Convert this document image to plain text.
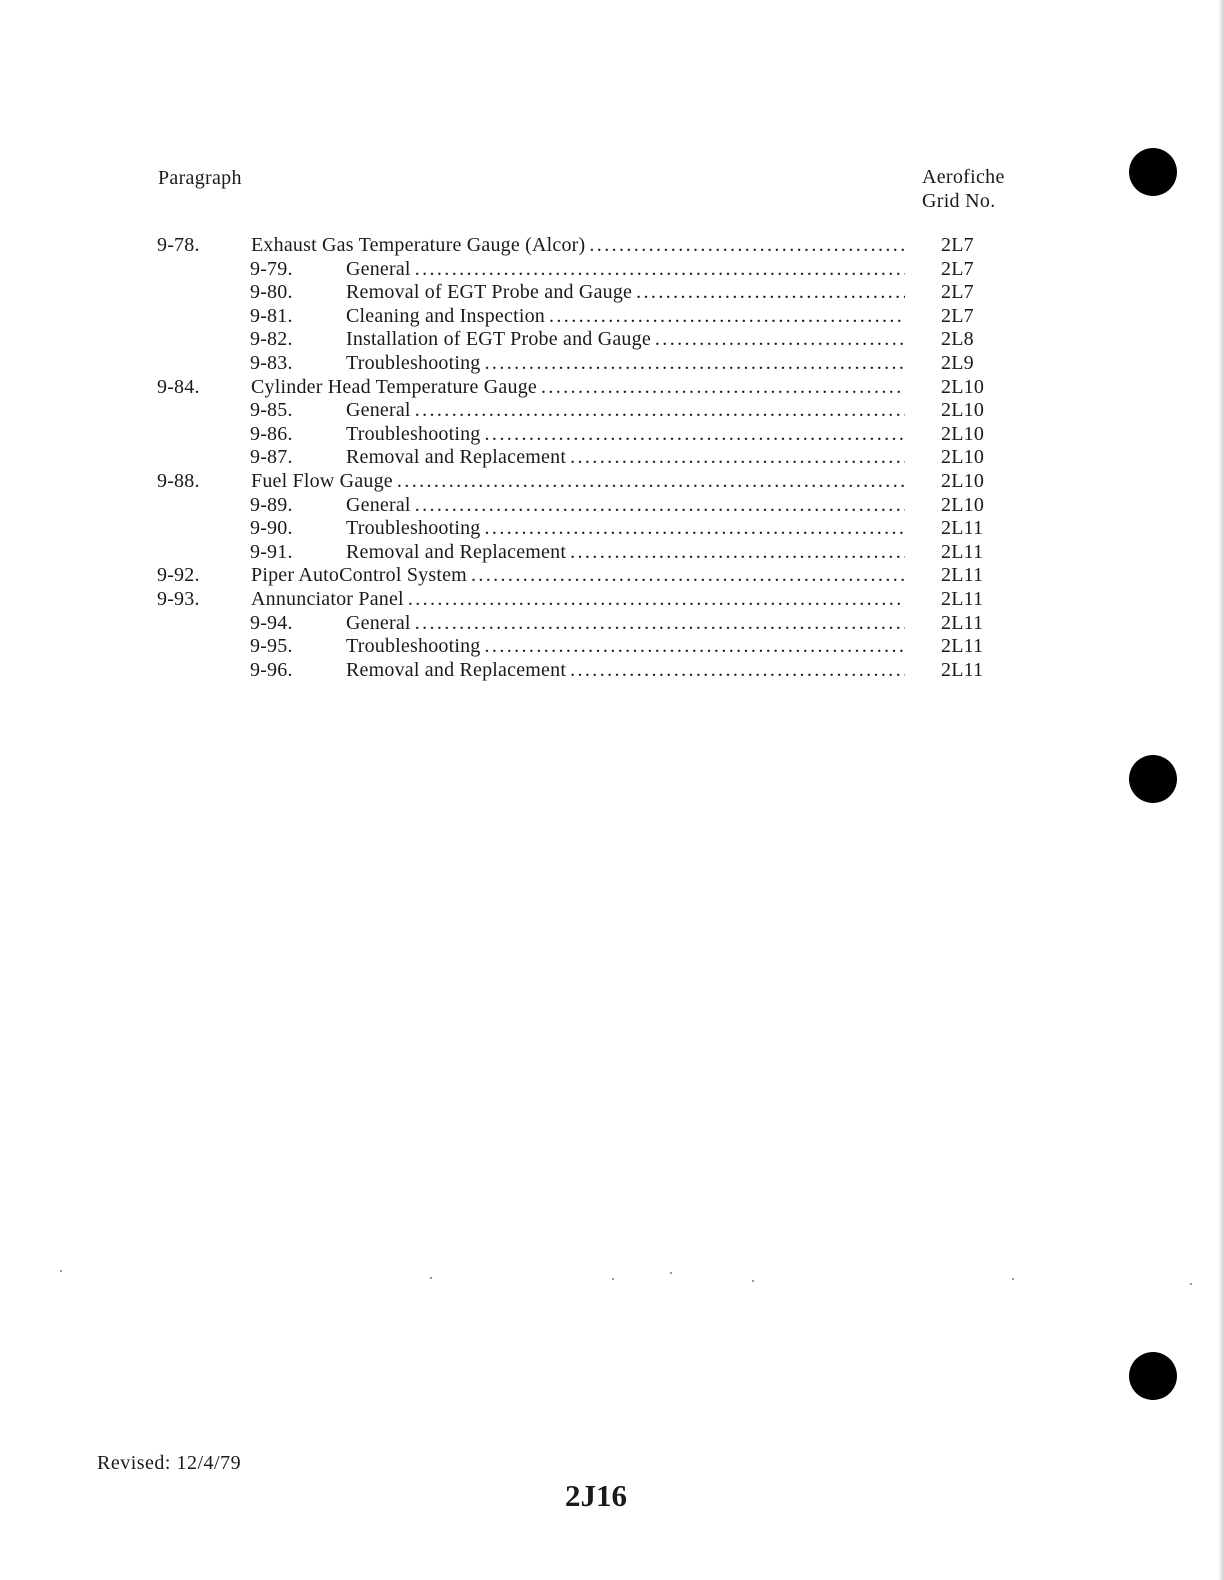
Paragraph	Aerofiche
Grid No.
9-78.	Exhaust Gas Temperature Gauge (Alcor) .....	2L7
9-79.	General .....	2L7
9-80.	Removal of EGT Probe and Gauge .....	2L7
9-81.	Cleaning and Inspection .....	2L7
9-82.	Installation of EGT Probe and Gauge .....	2L8
9-83.	Troubleshooting .....	2L9
9-84.	Cylinder Head Temperature Gauge .....	2L10
9-85.	General .....	2L10
9-86.	Troubleshooting .....	2L10
9-87.	Removal and Replacement .....	2L10
9-88.	Fuel Flow Gauge .....	2L10
9-89.	General .....	2L10
9-90.	Troubleshooting .....	2L11
9-91.	Removal and Replacement .....	2L11
9-92.	Piper AutoControl System .....	2L11
9-93.	Annunciator Panel .....	2L11
9-94.	General .....	2L11
9-95.	Troubleshooting .....	2L11
9-96.	Removal and Replacement .....	2L11
Revised: 12/4/79
2J16
